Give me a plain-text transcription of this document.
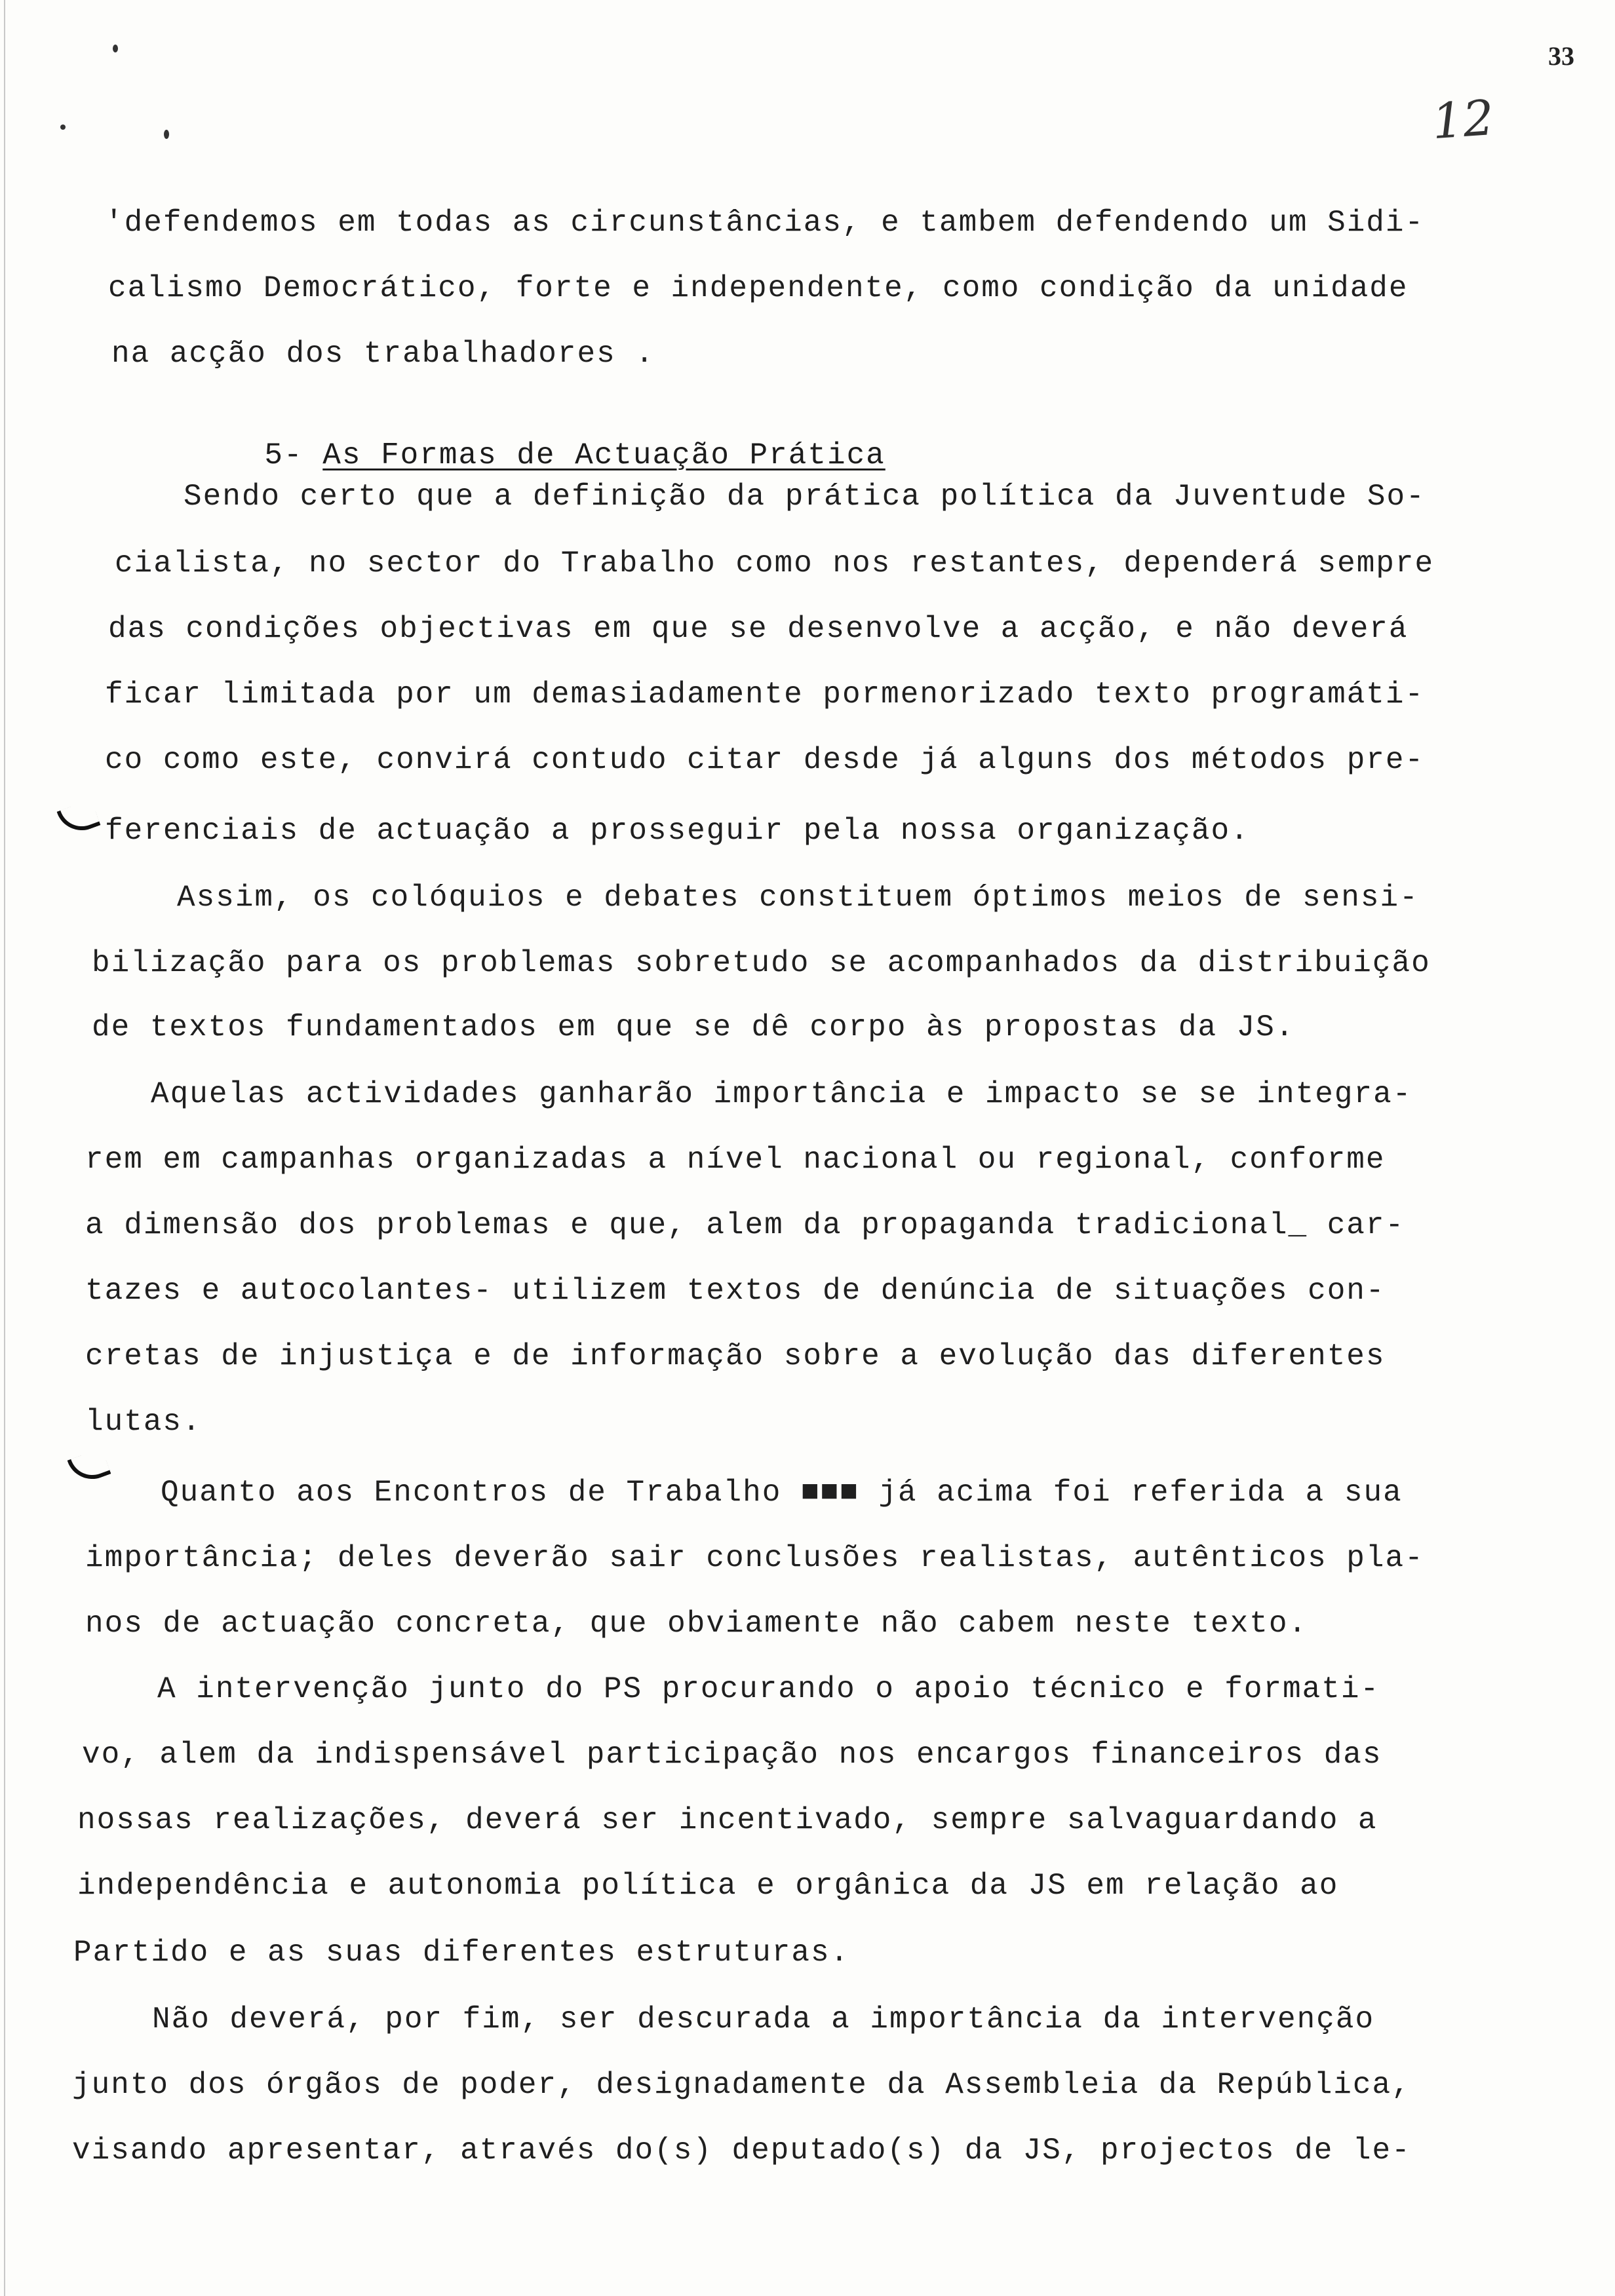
33
12
'defendemos em todas as circunstâncias, e tambem defendendo um Sidi-
calismo Democrático, forte e independente, como condição da unidade
na acção dos trabalhadores .

5- As Formas de Actuação Prática

Sendo certo que a definição da prática política da Juventude So-
cialista, no sector do Trabalho como nos restantes, dependerá sempre
das condições objectivas em que se desenvolve a acção, e não deverá
ficar limitada por um demasiadamente pormenorizado texto programáti-
co como este, convirá contudo citar desde já alguns dos métodos pre-
ferenciais de actuação a prosseguir pela nossa organização.
Assim, os colóquios e debates constituem óptimos meios de sensi-
bilização para os problemas sobretudo se acompanhados da distribuição
de textos fundamentados em que se dê corpo às propostas da JS.
Aquelas actividades ganharão importância e impacto se se integra-
rem em campanhas organizadas a nível nacional ou regional, conforme
a dimensão dos problemas e que, alem da propaganda tradicional_ car-
tazes e autocolantes- utilizem textos de denúncia de situações con-
cretas de injustiça e de informação sobre a evolução das diferentes
lutas.
Quanto aos Encontros de Trabalho ■■■ já acima foi referida a sua
importância; deles deverão sair conclusões realistas, autênticos pla-
nos de actuação concreta, que obviamente não cabem neste texto.
A intervenção junto do PS procurando o apoio técnico e formati-
vo, alem da indispensável participação nos encargos financeiros das
nossas realizações, deverá ser incentivado, sempre salvaguardando a
independência e autonomia política e orgânica da JS em relação ao
Partido e as suas diferentes estruturas.
Não deverá, por fim, ser descurada a importância da intervenção
junto dos órgãos de poder, designadamente da Assembleia da República,
visando apresentar, através do(s) deputado(s) da JS, projectos de le-
